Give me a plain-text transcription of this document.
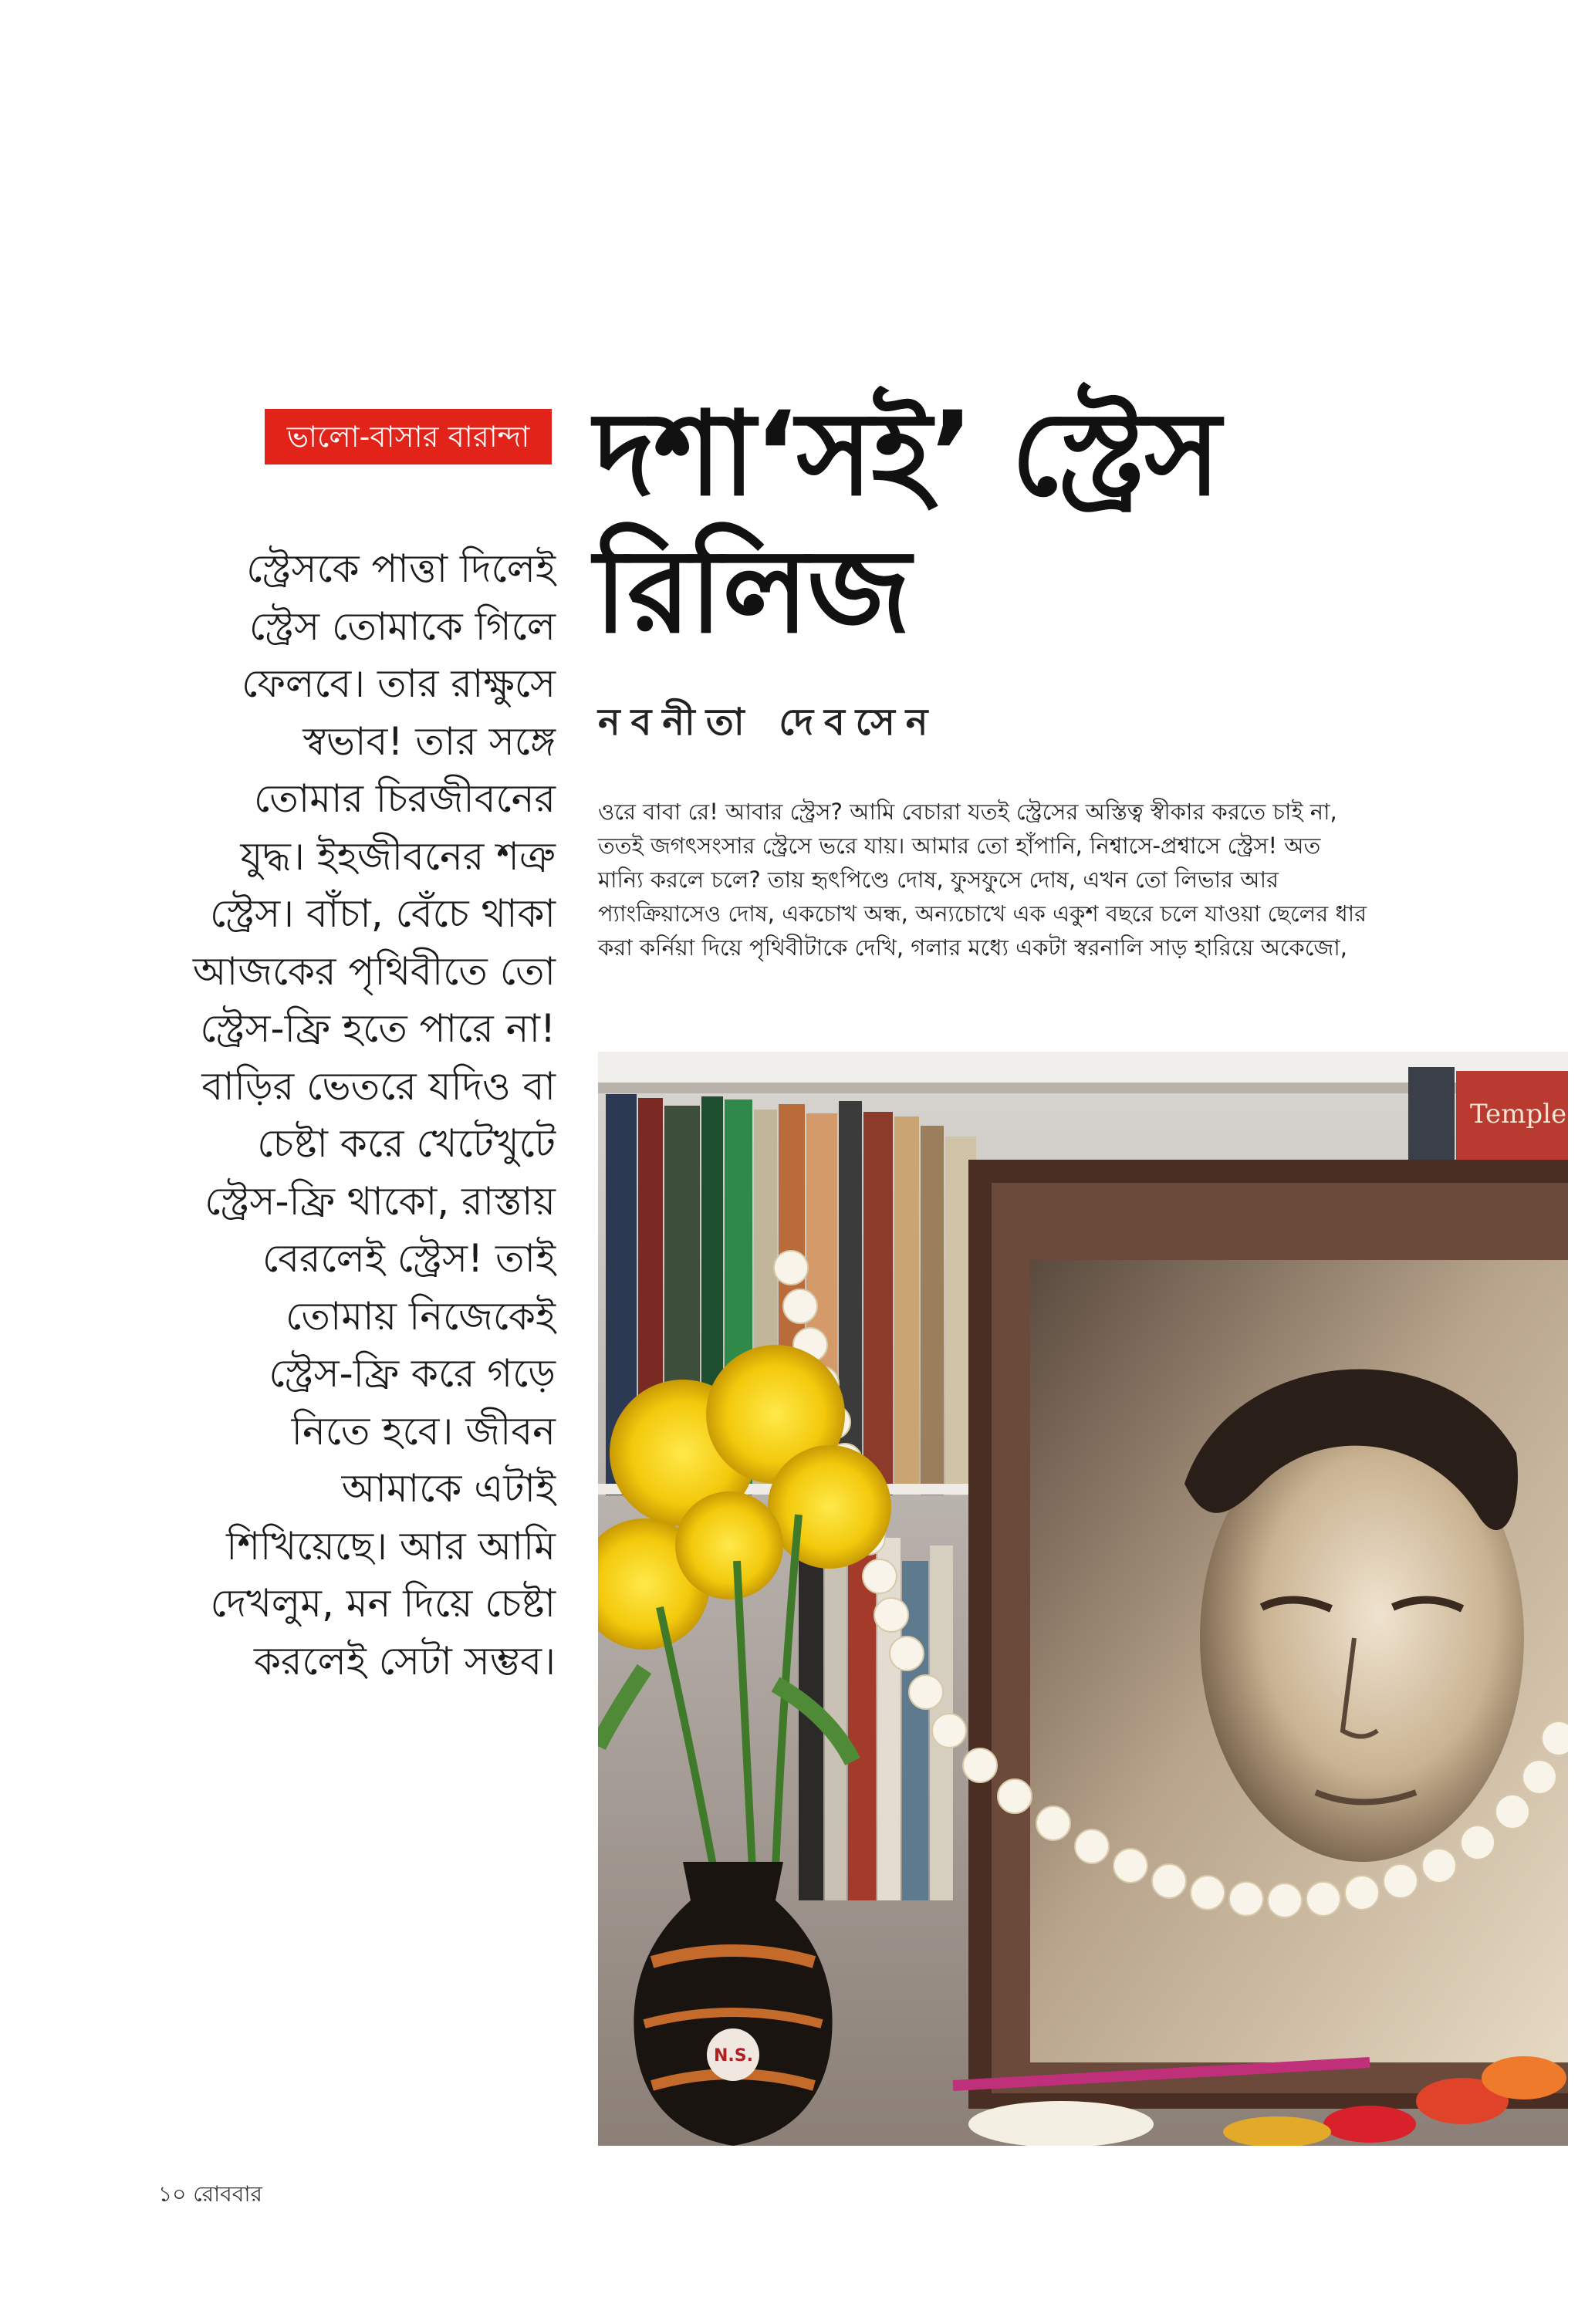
ভালো-বাসার বারান্দা দশা‘সই’ স্ট্রেস
রিলিজ
নবনীতা দেবসেন
স্ট্রেসকে পাত্তা দিলেই
স্ট্রেস তোমাকে গিলে
ফেলবে। তার রাক্ষুসে
স্বভাব! তার সঙ্গে
তোমার চিরজীবনের
যুদ্ধ। ইহজীবনের শত্রু
স্ট্রেস। বাঁচা, বেঁচে থাকা
আজকের পৃথিবীতে তো
স্ট্রেস-ফ্রি হতে পারে না!
বাড়ির ভেতরে যদিও বা
চেষ্টা করে খেটেখুটে
স্ট্রেস-ফ্রি থাকো, রাস্তায়
বেরলেই স্ট্রেস! তাই
তোমায় নিজেকেই
স্ট্রেস-ফ্রি করে গড়ে
নিতে হবে। জীবন
আমাকে এটাই
শিখিয়েছে। আর আমি
দেখলুম, মন দিয়ে চেষ্টা
করলেই সেটা সম্ভব।
ওরে বাবা রে! আবার স্ট্রেস? আমি বেচারা যতই স্ট্রেসের অস্তিত্ব স্বীকার করতে চাই না,
ততই জগৎসংসার স্ট্রেসে ভরে যায়। আমার তো হাঁপানি, নিশ্বাসে-প্রশ্বাসে স্ট্রেস! অত
মান্যি করলে চলে? তায় হৃৎপিণ্ডে দোষ, ফুসফুসে দোষ, এখন তো লিভার আর
প্যাংক্রিয়াসেও দোষ, একচোখ অন্ধ, অন্যচোখে এক একুশ বছরে চলে যাওয়া ছেলের ধার
করা কর্নিয়া দিয়ে পৃথিবীটাকে দেখি, গলার মধ্যে একটা স্বরনালি সাড় হারিয়ে অকেজো,
Temple
N.S.
১০ রোববার
